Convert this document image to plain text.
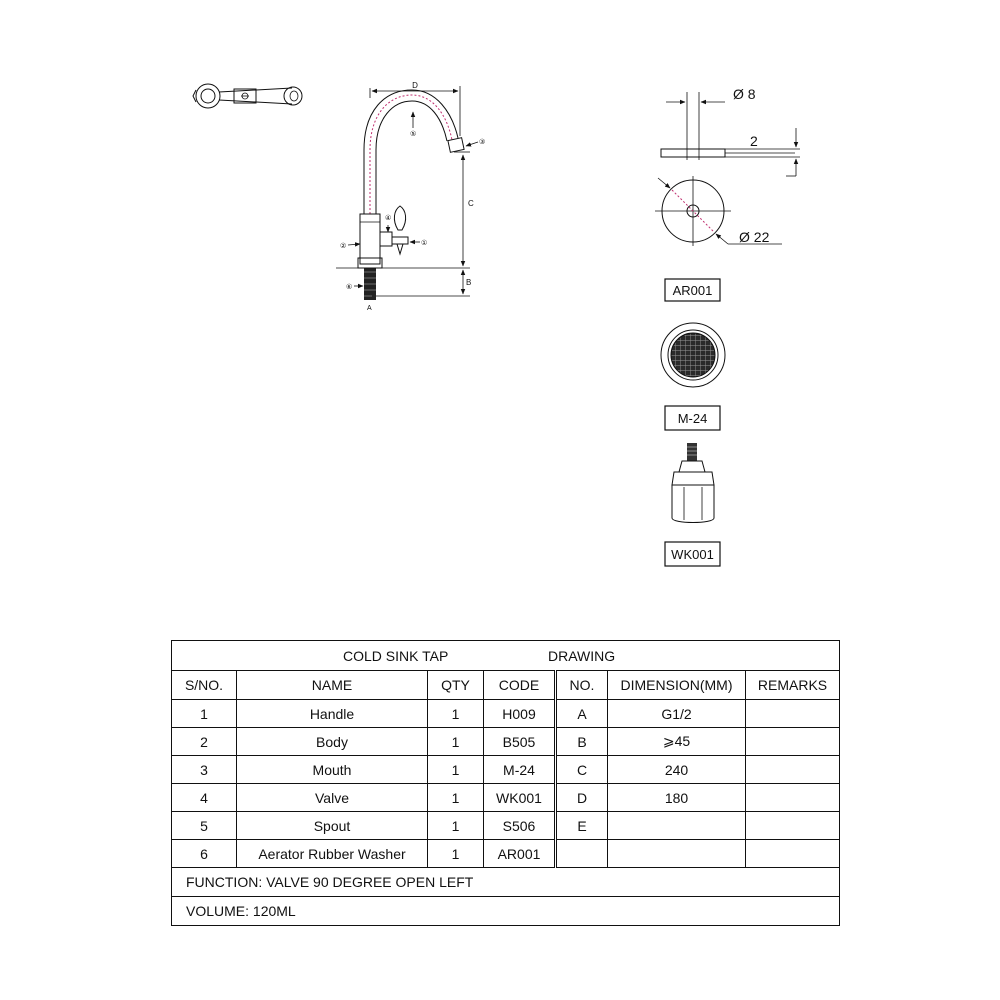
D
C
B
A
⑤
③
②
④
①
⑥
2
Ø 8
Ø 22
AR001
M-24
WK001
COLD SINK TAP DRAWING						

S/NO.	NAME	QTY	CODE	NO.	DIMENSION(MM)	REMARKS
1	Handle	1	H009	A	G1/2	
2	Body	1	B505	B	⩾45	
3	Mouth	1	M-24	C	240	
4	Valve	1	WK001	D	180	
5	Spout	1	S506	E		
6	Aerator Rubber Washer	1	AR001			
FUNCTION: VALVE 90 DEGREE OPEN LEFT						
VOLUME: 120ML						
